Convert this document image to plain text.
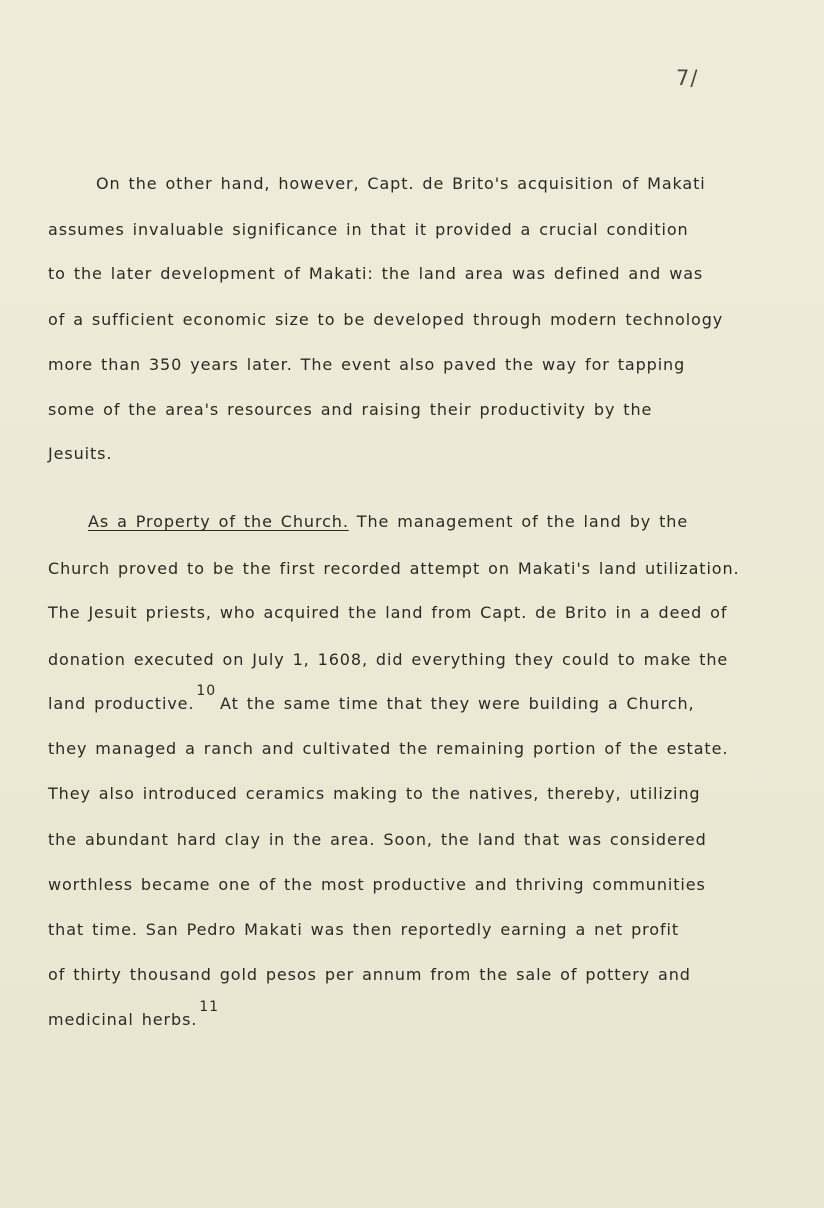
7/
On the other hand, however, Capt. de Brito's acquisition of Makati
assumes invaluable significance in that it provided a crucial condition
to the later development of Makati: the land area was defined and was
of a sufficient economic size to be developed through modern technology
more than 350 years later. The event also paved the way for tapping
some of the area's resources and raising their productivity by the
Jesuits.
As a Property of the Church. The management of the land by the
Church proved to be the first recorded attempt on Makati's land utilization.
The Jesuit priests, who acquired the land from Capt. de Brito in a deed of
donation executed on July 1, 1608, did everything they could to make the
land productive.10At the same time that they were building a Church,
they managed a ranch and cultivated the remaining portion of the estate.
They also introduced ceramics making to the natives, thereby, utilizing
the abundant hard clay in the area. Soon, the land that was considered
worthless became one of the most productive and thriving communities
that time. San Pedro Makati was then reportedly earning a net profit
of thirty thousand gold pesos per annum from the sale of pottery and
medicinal herbs.11
